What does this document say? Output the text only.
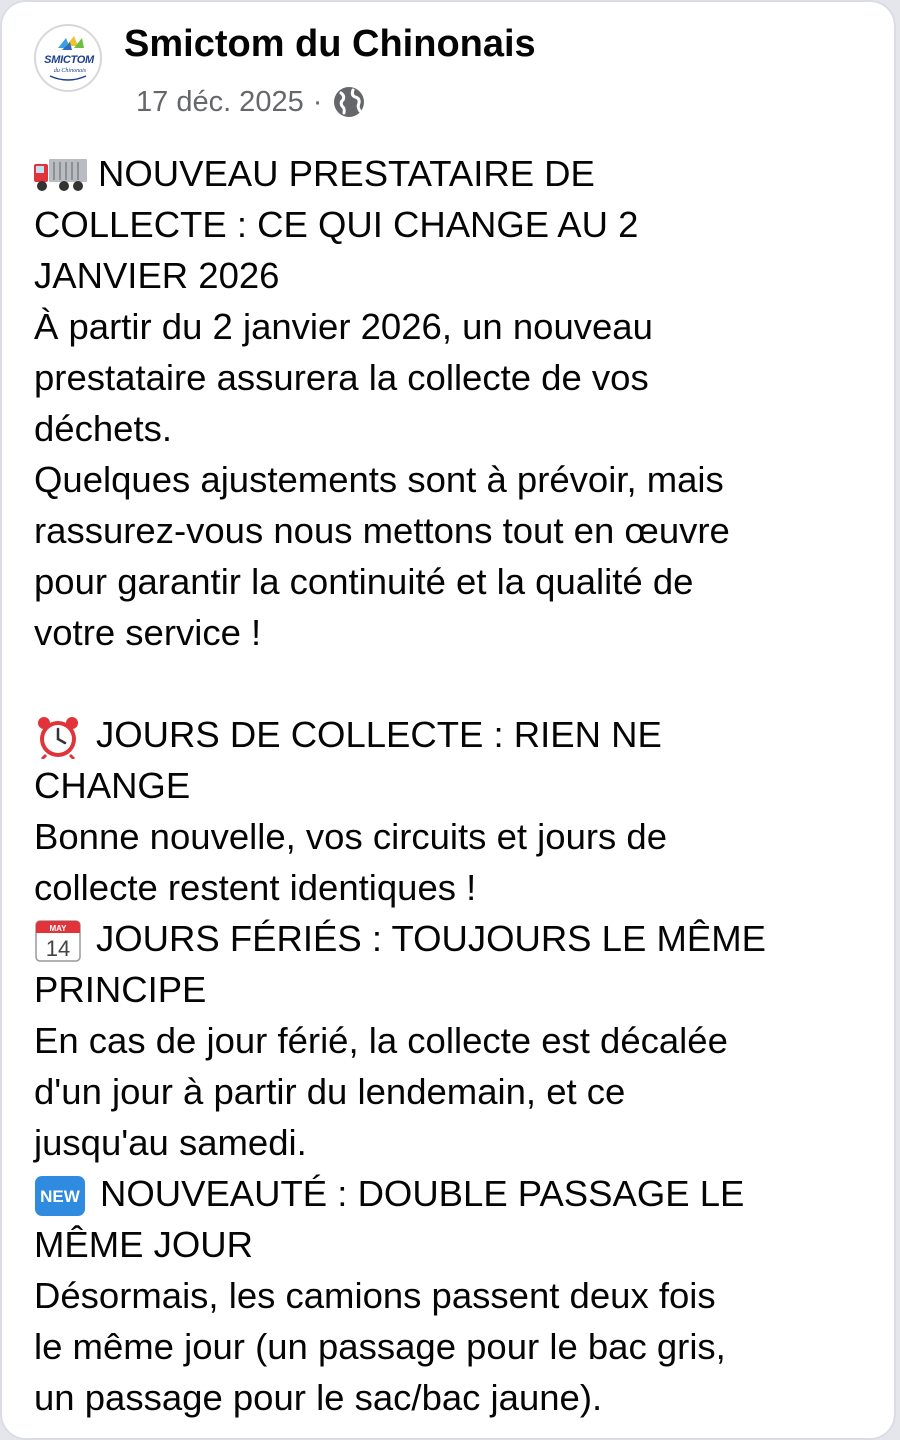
SMICTOM
du Chinonais
Smictom du Chinonais
17 déc. 2025 ·
NOUVEAU PRESTATAIRE DE
COLLECTE : CE QUI CHANGE AU 2
JANVIER 2026
À partir du 2 janvier 2026, un nouveau
prestataire assurera la collecte de vos
déchets.
Quelques ajustements sont à prévoir, mais
rassurez-vous nous mettons tout en œuvre
pour garantir la continuité et la qualité de
votre service !
JOURS DE COLLECTE : RIEN NE
CHANGE
Bonne nouvelle, vos circuits et jours de
collecte restent identiques !
MAY
14 JOURS FÉRIÉS : TOUJOURS LE MÊME
PRINCIPE
En cas de jour férié, la collecte est décalée
d'un jour à partir du lendemain, et ce
jusqu'au samedi.
NEW NOUVEAUTÉ : DOUBLE PASSAGE LE
MÊME JOUR
Désormais, les camions passent deux fois
le même jour (un passage pour le bac gris,
un passage pour le sac/bac jaune).
